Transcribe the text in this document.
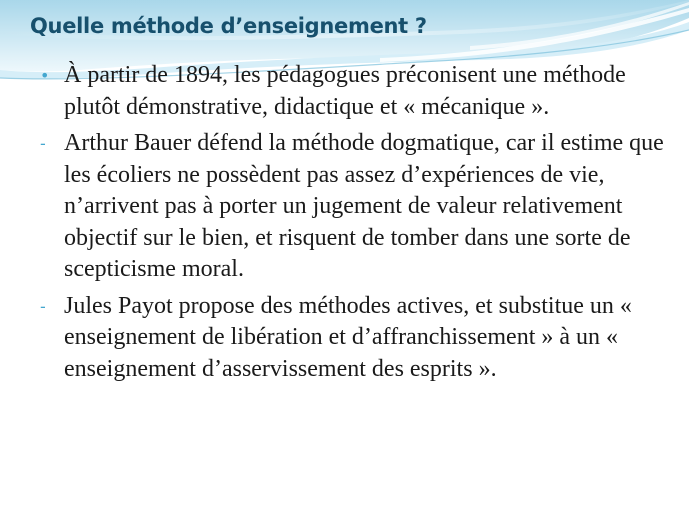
Quelle méthode d’enseignement ?
• À partir de 1894, les pédagogues préconisent une méthode plutôt démonstrative, didactique et « mécanique ».
- Arthur Bauer défend la méthode dogmatique, car il estime que les écoliers ne possèdent pas assez d’expériences de vie, n’arrivent pas à porter un jugement de valeur relativement objectif sur le bien, et risquent de tomber dans une sorte de scepticisme moral.
- Jules Payot propose des méthodes actives, et substitue un « enseignement de libération et d’affranchissement » à un « enseignement d’asservissement des esprits ».
